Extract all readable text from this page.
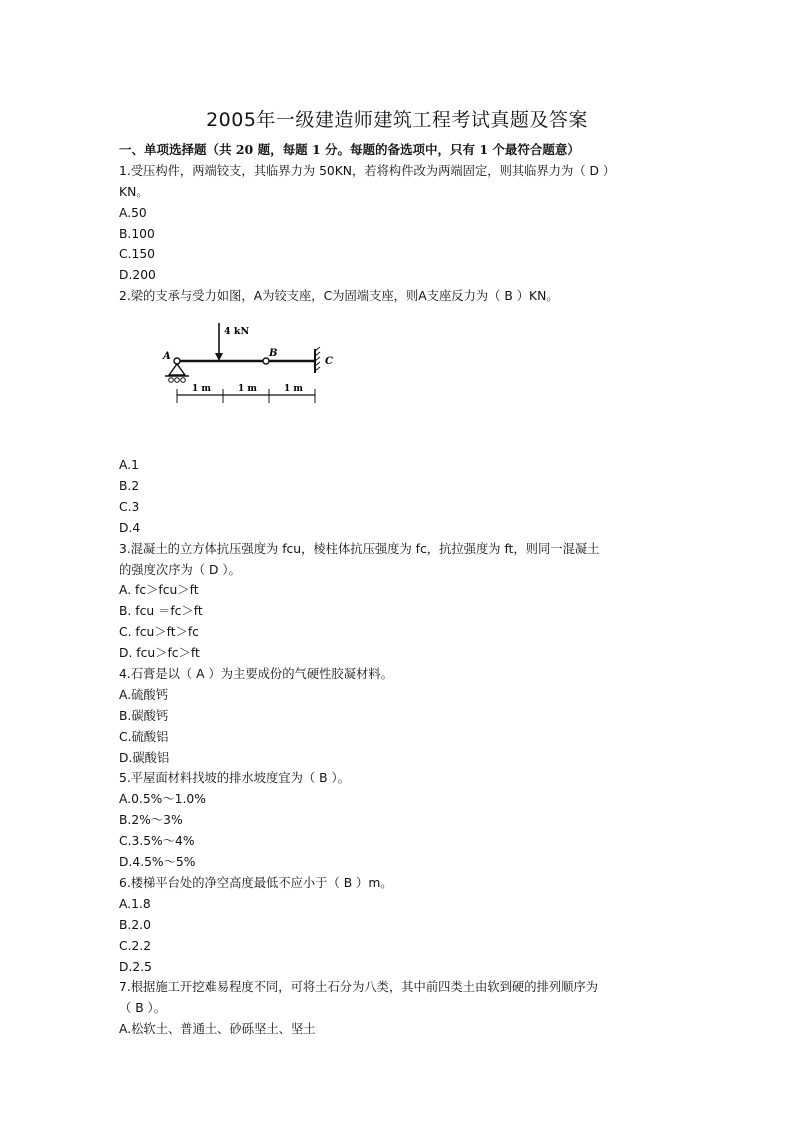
2005年一级建造师建筑工程考试真题及答案
一、单项选择题（共 20 题，每题 1 分。每题的备选项中，只有 1 个最符合题意）
1.受压构件，两端铰支，其临界力为 50KN，若将构件改为两端固定，则其临界力为（ D ）
KN。
A.50
B.100
C.150
D.200
2.梁的支承与受力如图，A为铰支座，C为固端支座，则A支座反力为（ B ）KN。
4 kN
A	B
C
1 m	1 m	1 m
A.1
B.2
C.3
D.4
3.混凝土的立方体抗压强度为 fcu，棱柱体抗压强度为 fc，抗拉强度为 ft，则同一混凝土
的强度次序为（ D ）。
A. fc＞fcu＞ft
B. fcu ＝fc＞ft
C. fcu＞ft＞fc
D. fcu＞fc＞ft
4.石膏是以（ A ）为主要成份的气硬性胶凝材料。
A.硫酸钙
B.碳酸钙
C.硫酸铝
D.碳酸铝
5.平屋面材料找坡的排水坡度宜为（ B ）。
A.0.5%～1.0%
B.2%～3%
C.3.5%～4%
D.4.5%～5%
6.楼梯平台处的净空高度最低不应小于（ B ）m。
A.1.8
B.2.0
C.2.2
D.2.5
7.根据施工开挖难易程度不同，可将土石分为八类，其中前四类土由软到硬的排列顺序为
（ B ）。
A.松软土、普通土、砂砾坚土、坚土
